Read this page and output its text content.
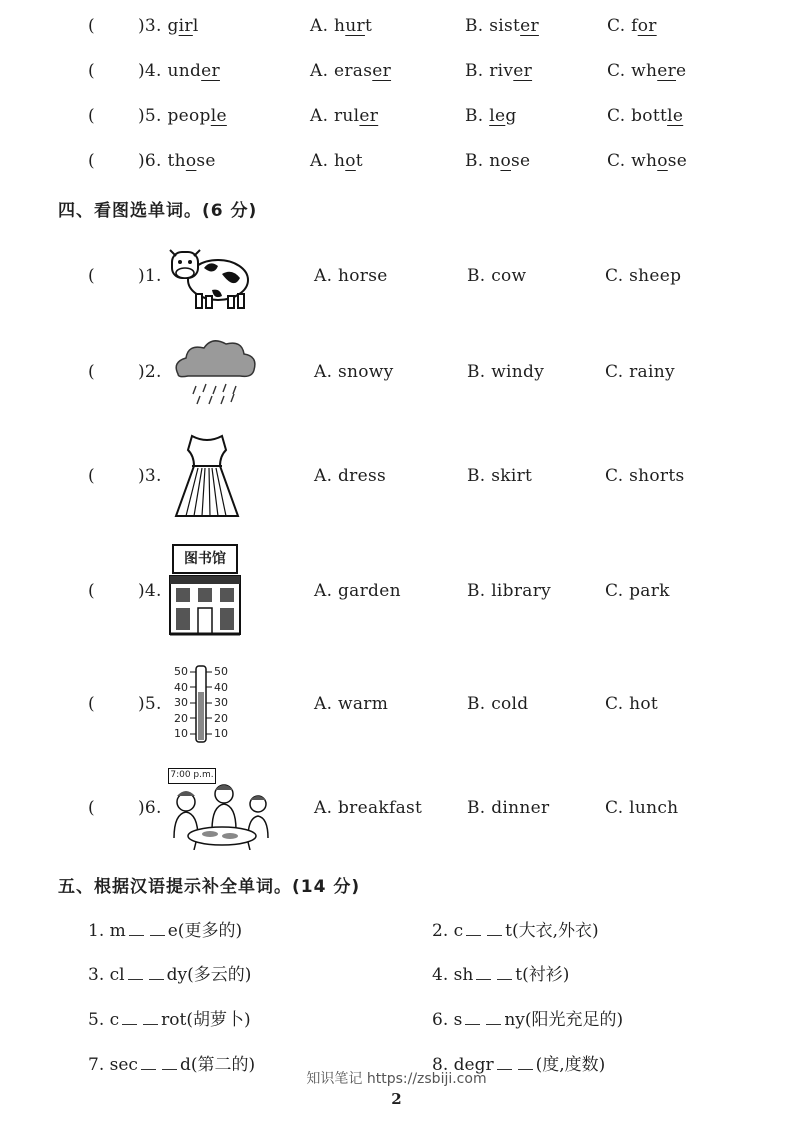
(	)3. girl	A. hurt	B. sister	C. for
(	)4. under	A. eraser	B. river	C. where
(	)5. people	A. ruler	B. leg	C. bottle
(	)6. those	A. hot	B. nose	C. whose
四、看图选单词。(6 分)
(	)1.	A. horse	B. cow	C. sheep
(	)2.	A. snowy	B. windy	C. rainy
(	)3.	A. dress	B. skirt	C. shorts
(	)4.	A. garden	B. library	C. park
图书馆
(	)5.	A. warm	B. cold	C. hot
50
40
30
20
10
50
40
30
20
10
(	)6.	A. breakfast	B. dinner	C. lunch
7:00 p.m.
五、根据汉语提示补全单词。(14 分)
1. m e(更多的)	2. c t(大衣,外衣)
3. cl dy(多云的)	4. sh t(衬衫)
5. c rot(胡萝卜)	6. s ny(阳光充足的)
7. sec d(第二的)	8. degr (度,度数)
知识笔记 https://zsbiji.com
2
